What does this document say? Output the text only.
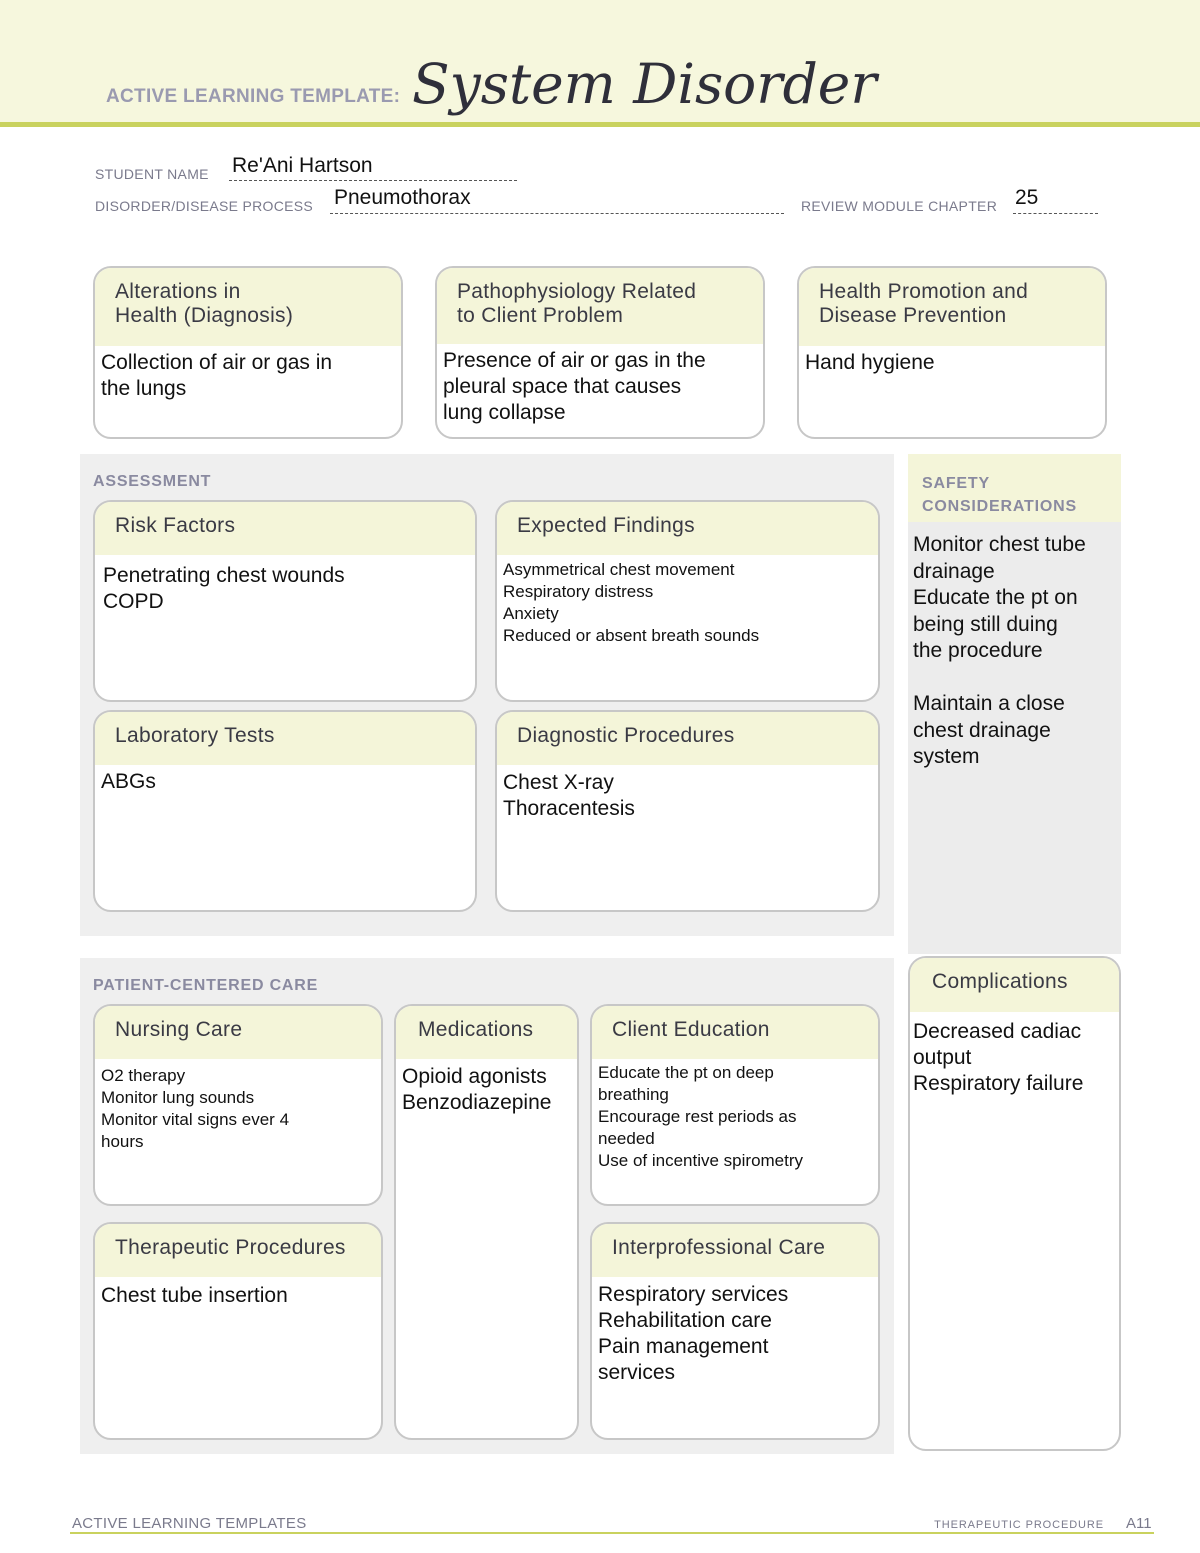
ACTIVE LEARNING TEMPLATE: System Disorder
STUDENT NAME Re'Ani Hartson
DISORDER/DISEASE PROCESS Pneumothorax	REVIEW MODULE CHAPTER 25
Alterations in
Health (Diagnosis)
Collection of air or gas in
the lungs
Pathophysiology Related
to Client Problem
Presence of air or gas in the
pleural space that causes
lung collapse
Health Promotion and
Disease Prevention
Hand hygiene
ASSESSMENT
Risk Factors
Penetrating chest wounds
COPD
Expected Findings
Asymmetrical chest movement
Respiratory distress
Anxiety
Reduced or absent breath sounds
Laboratory Tests
ABGs
Diagnostic Procedures
Chest X-ray
Thoracentesis
SAFETY
CONSIDERATIONS
Monitor chest tube
drainage
Educate the pt on
being still duing
the procedure

Maintain a close
chest drainage
system
PATIENT-CENTERED CARE
Nursing Care
O2 therapy
Monitor lung sounds
Monitor vital signs ever 4
hours
Medications
Opioid agonists
Benzodiazepine
Client Education
Educate the pt on deep
breathing
Encourage rest periods as
needed
Use of incentive spirometry
Therapeutic Procedures
Chest tube insertion
Interprofessional Care
Respiratory services
Rehabilitation care
Pain management
services
Complications
Decreased cadiac
output
Respiratory failure
ACTIVE LEARNING TEMPLATES	THERAPEUTIC PROCEDURE A11
